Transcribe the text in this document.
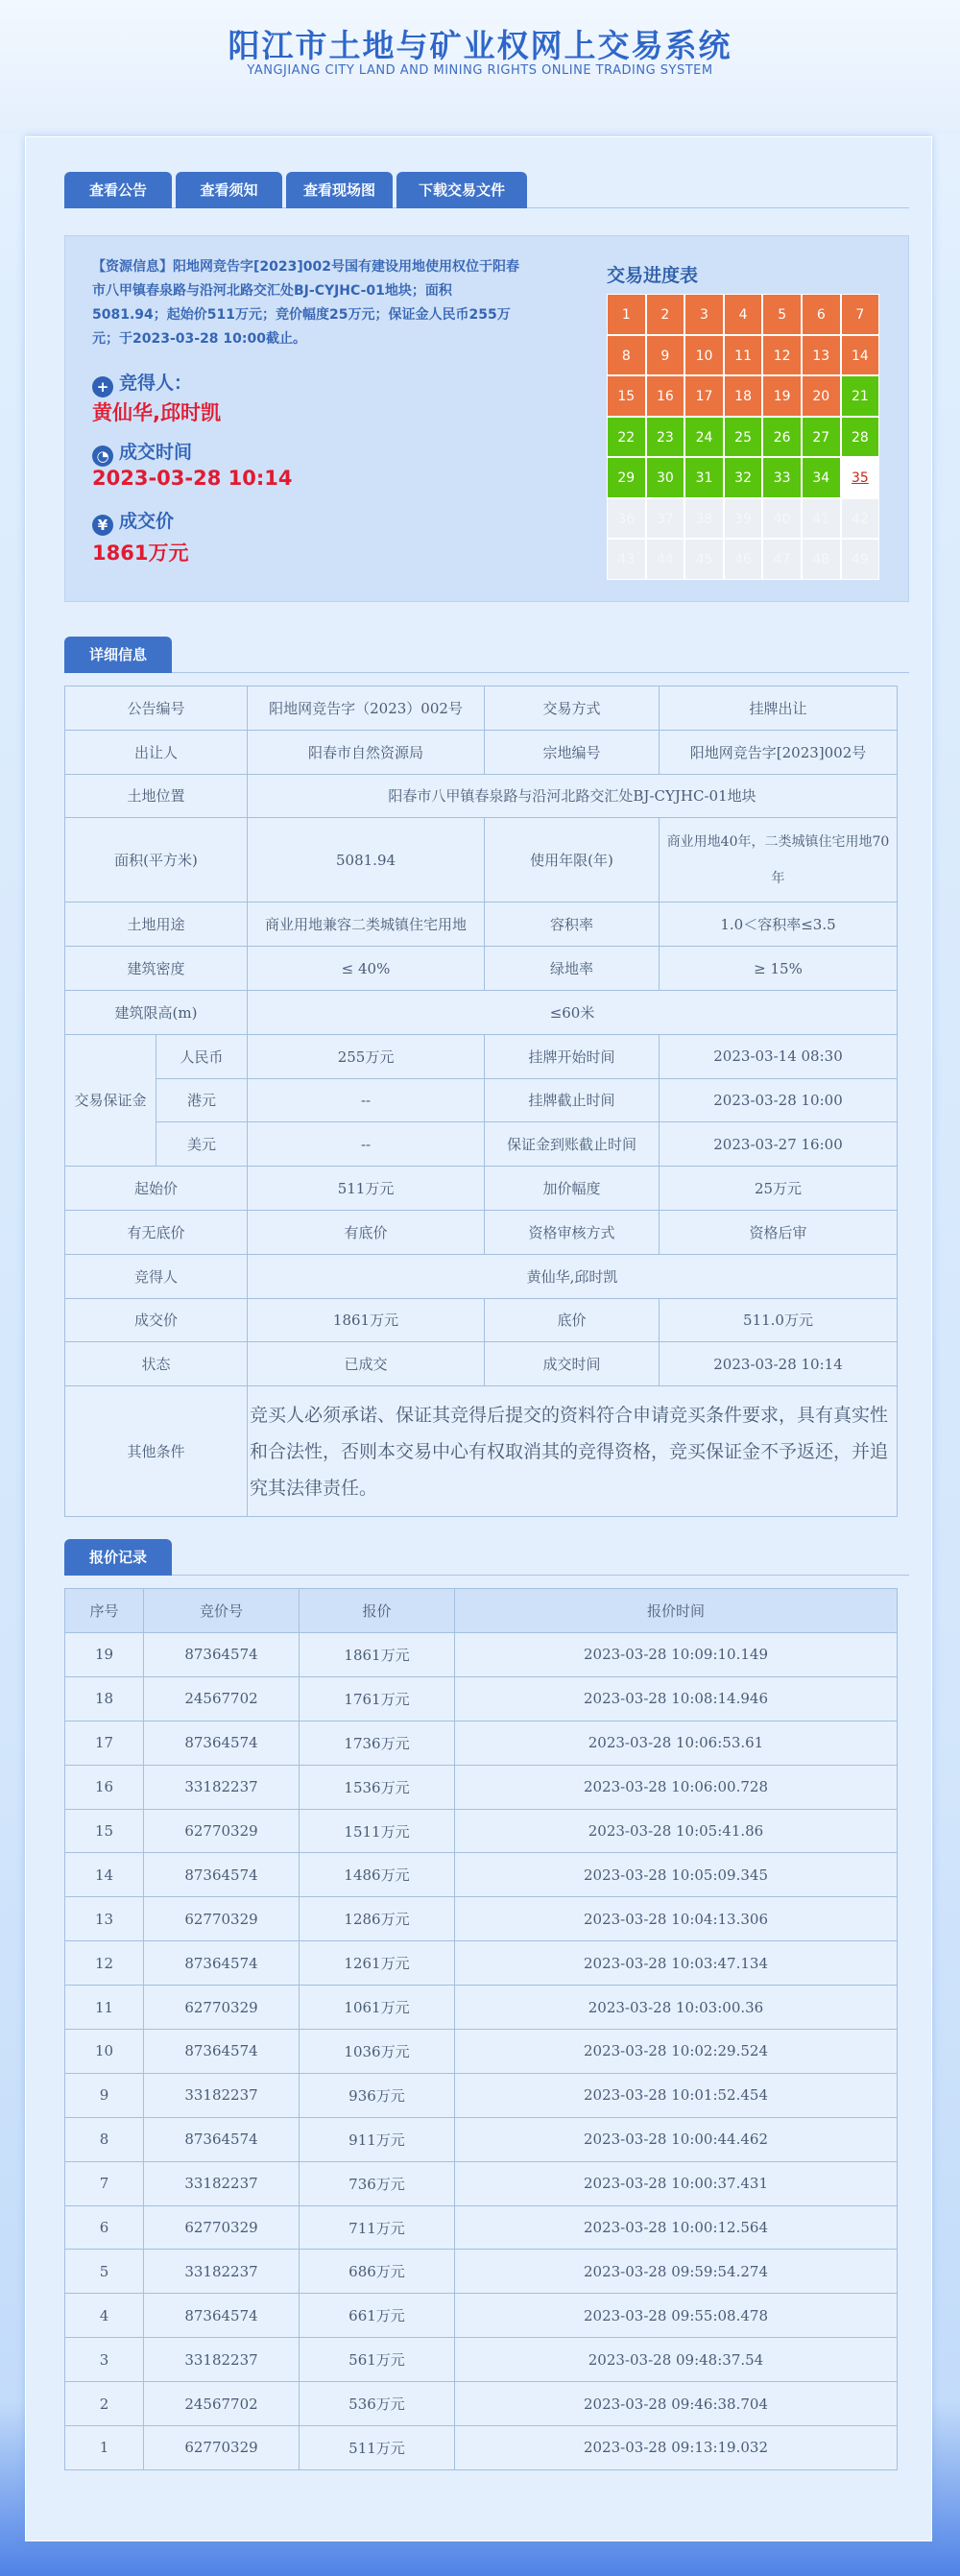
阳江市土地与矿业权网上交易系统
YANGJIANG CITY LAND AND MINING RIGHTS ONLINE TRADING SYSTEM
查看公告	查看须知	查看现场图	下载交易文件
【资源信息】阳地网竞告字[2023]002号国有建设用地使用权位于阳春市八甲镇春泉路与沿河北路交汇处BJ-CYJHC-01地块；面积5081.94；起始价511万元；竞价幅度25万元；保证金人民币255万元；于2023-03-28 10:00截止。
+ 竞得人：
黄仙华,邱时凯
◔ 成交时间
2023-03-28 10:14
¥ 成交价
1861万元
交易进度表
1	2	3	4	5	6	7
8	9	10	11	12	13	14
15	16	17	18	19	20	21
22	23	24	25	26	27	28
29	30	31	32	33	34	35
36	37	38	39	40	41	42
43	44	45	46	47	48	49
详细信息
公告编号		阳地网竞告字（2023）002号	交易方式	挂牌出让
出让人		阳春市自然资源局	宗地编号	阳地网竞告字[2023]002号
土地位置		阳春市八甲镇春泉路与沿河北路交汇处BJ-CYJHC-01地块		
面积(平方米)		5081.94	使用年限(年)	商业用地40年，二类城镇住宅用地70年
土地用途		商业用地兼容二类城镇住宅用地	容积率	1.0＜容积率≤3.5
建筑密度		≤ 40%	绿地率	≥ 15%
建筑限高(m)		≤60米		
交易保证金	人民币	255万元	挂牌开始时间	2023-03-14 08:30
	港元	--	挂牌截止时间	2023-03-28 10:00
	美元	--	保证金到账截止时间	2023-03-27 16:00
起始价		511万元	加价幅度	25万元
有无底价		有底价	资格审核方式	资格后审
竞得人		黄仙华,邱时凯		
成交价		1861万元	底价	511.0万元
状态		已成交	成交时间	2023-03-28 10:14
其他条件		竞买人必须承诺、保证其竞得后提交的资料符合申请竞买条件要求，具有真实性和合法性，否则本交易中心有权取消其的竞得资格，竞买保证金不予返还，并追究其法律责任。		
报价记录
序号	竞价号	报价	报价时间
19	87364574	1861万元	2023-03-28 10:09:10.149
18	24567702	1761万元	2023-03-28 10:08:14.946
17	87364574	1736万元	2023-03-28 10:06:53.61
16	33182237	1536万元	2023-03-28 10:06:00.728
15	62770329	1511万元	2023-03-28 10:05:41.86
14	87364574	1486万元	2023-03-28 10:05:09.345
13	62770329	1286万元	2023-03-28 10:04:13.306
12	87364574	1261万元	2023-03-28 10:03:47.134
11	62770329	1061万元	2023-03-28 10:03:00.36
10	87364574	1036万元	2023-03-28 10:02:29.524
9	33182237	936万元	2023-03-28 10:01:52.454
8	87364574	911万元	2023-03-28 10:00:44.462
7	33182237	736万元	2023-03-28 10:00:37.431
6	62770329	711万元	2023-03-28 10:00:12.564
5	33182237	686万元	2023-03-28 09:59:54.274
4	87364574	661万元	2023-03-28 09:55:08.478
3	33182237	561万元	2023-03-28 09:48:37.54
2	24567702	536万元	2023-03-28 09:46:38.704
1	62770329	511万元	2023-03-28 09:13:19.032
